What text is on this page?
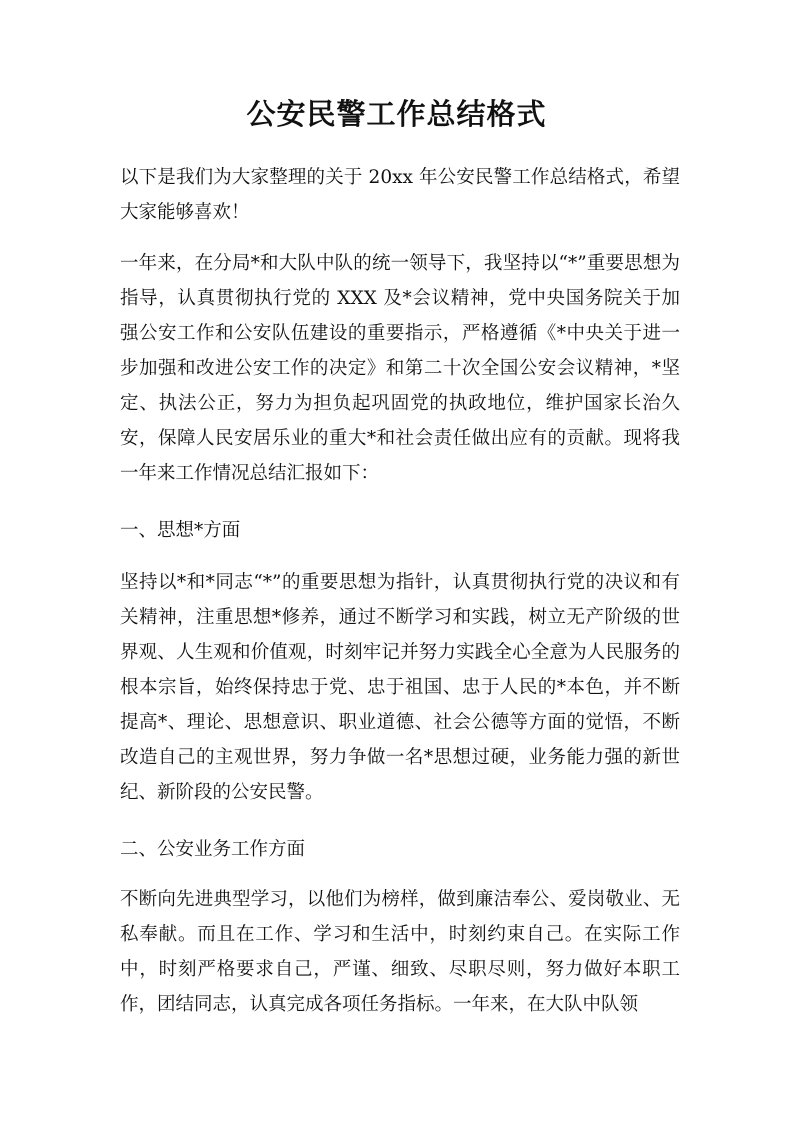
公安民警工作总结格式

以下是我们为大家整理的关于 20xx 年公安民警工作总结格式，希望大家能够喜欢！

一年来，在分局*和大队中队的统一领导下，我坚持以“*”重要思想为指导，认真贯彻执行党的 XXX 及*会议精神，党中央国务院关于加强公安工作和公安队伍建设的重要指示，严格遵循《*中央关于进一步加强和改进公安工作的决定》和第二十次全国公安会议精神，*坚定、执法公正，努力为担负起巩固党的执政地位，维护国家长治久安，保障人民安居乐业的重大*和社会责任做出应有的贡献。现将我一年来工作情况总结汇报如下：

一、思想*方面

坚持以*和*同志“*”的重要思想为指针，认真贯彻执行党的决议和有关精神，注重思想*修养，通过不断学习和实践，树立无产阶级的世界观、人生观和价值观，时刻牢记并努力实践全心全意为人民服务的根本宗旨，始终保持忠于党、忠于祖国、忠于人民的*本色，并不断提高*、理论、思想意识、职业道德、社会公德等方面的觉悟，不断改造自己的主观世界，努力争做一名*思想过硬，业务能力强的新世纪、新阶段的公安民警。

二、公安业务工作方面

不断向先进典型学习，以他们为榜样，做到廉洁奉公、爱岗敬业、无私奉献。而且在工作、学习和生活中，时刻约束自己。在实际工作中，时刻严格要求自己，严谨、细致、尽职尽则，努力做好本职工作，团结同志，认真完成各项任务指标。一年来，在大队中队领
